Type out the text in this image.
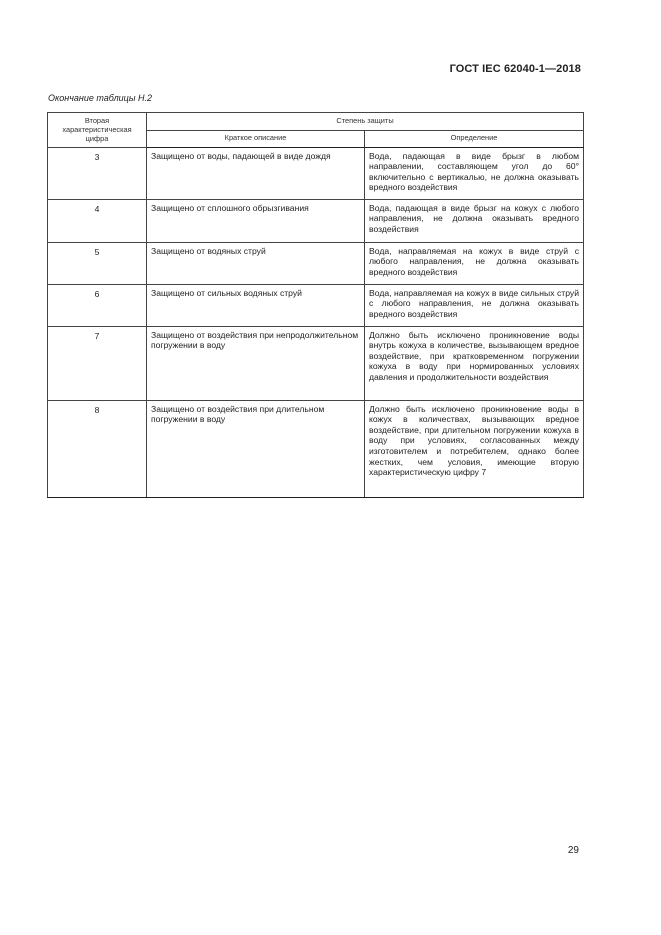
ГОСТ IEC 62040-1—2018
Окончание таблицы Н.2
Вторая характеристическая цифра	Степень защиты	
	Краткое описание	Определение
3	Защищено от воды, падающей в виде дождя	Вода, падающая в виде брызг в любом направлении, составляющем угол до 60° включительно с вертикалью, не должна оказывать вредного воздействия
4	Защищено от сплошного обрызгивания	Вода, падающая в виде брызг на кожух с любого направления, не должна оказывать вредного воздействия
5	Защищено от водяных струй	Вода, направляемая на кожух в виде струй с любого направления, не должна оказывать вредного воздействия
6	Защищено от сильных водяных струй	Вода, направляемая на кожух в виде сильных струй с любого направления, не должна оказывать вредного воздействия
7	Защищено от воздействия при непродолжительном погружении в воду	Должно быть исключено проникновение воды внутрь кожуха в количестве, вызывающем вредное воздействие, при кратковременном погружении кожуха в воду при нормированных условиях давления и продолжительности воздействия
8	Защищено от воздействия при длительном погружении в воду	Должно быть исключено проникновение воды в кожух в количествах, вызывающих вредное воздействие, при длительном погружении кожуха в воду при условиях, согласованных между изготовителем и потребителем, однако более жестких, чем условия, имеющие вторую характеристическую цифру 7
29
